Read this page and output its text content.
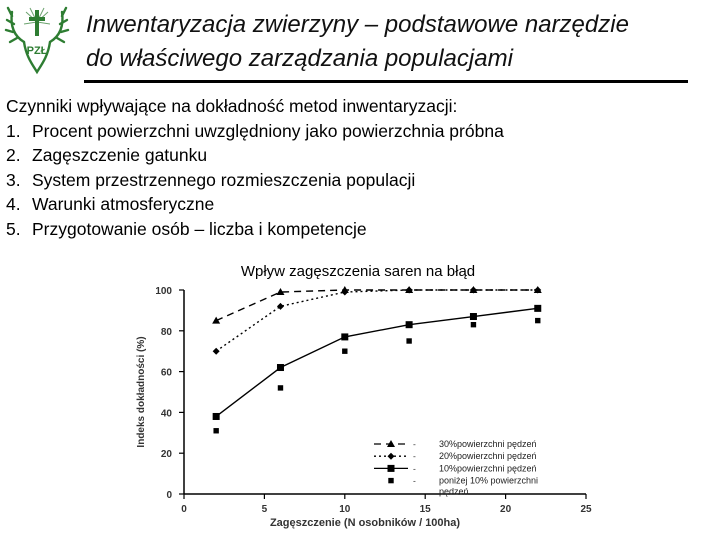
PZŁ
Inwentaryzacja zwierzyny – podstawowe narzędzie
do właściwego zarządzania populacjami
Czynniki wpływające na dokładność metod inwentaryzacji:
1. Procent powierzchni uwzględniony jako powierzchnia próbna
2. Zagęszczenie gatunku
3. System przestrzennego rozmieszczenia populacji
4. Warunki atmosferyczne
5. Przygotowanie osób – liczba i kompetencje
Wpływ zagęszczenia saren na błąd
0	5	10	15	20	25
0
20
40
60
80
100
Zagęszczenie (N osobników / 100ha)
Indeks dokładności (%)	-	30%powierzchni pędzeń
-	20%powierzchni pędzeń
-	10%powierzchni pędzeń
-	poniżej 10% powierzchni pędzeń
